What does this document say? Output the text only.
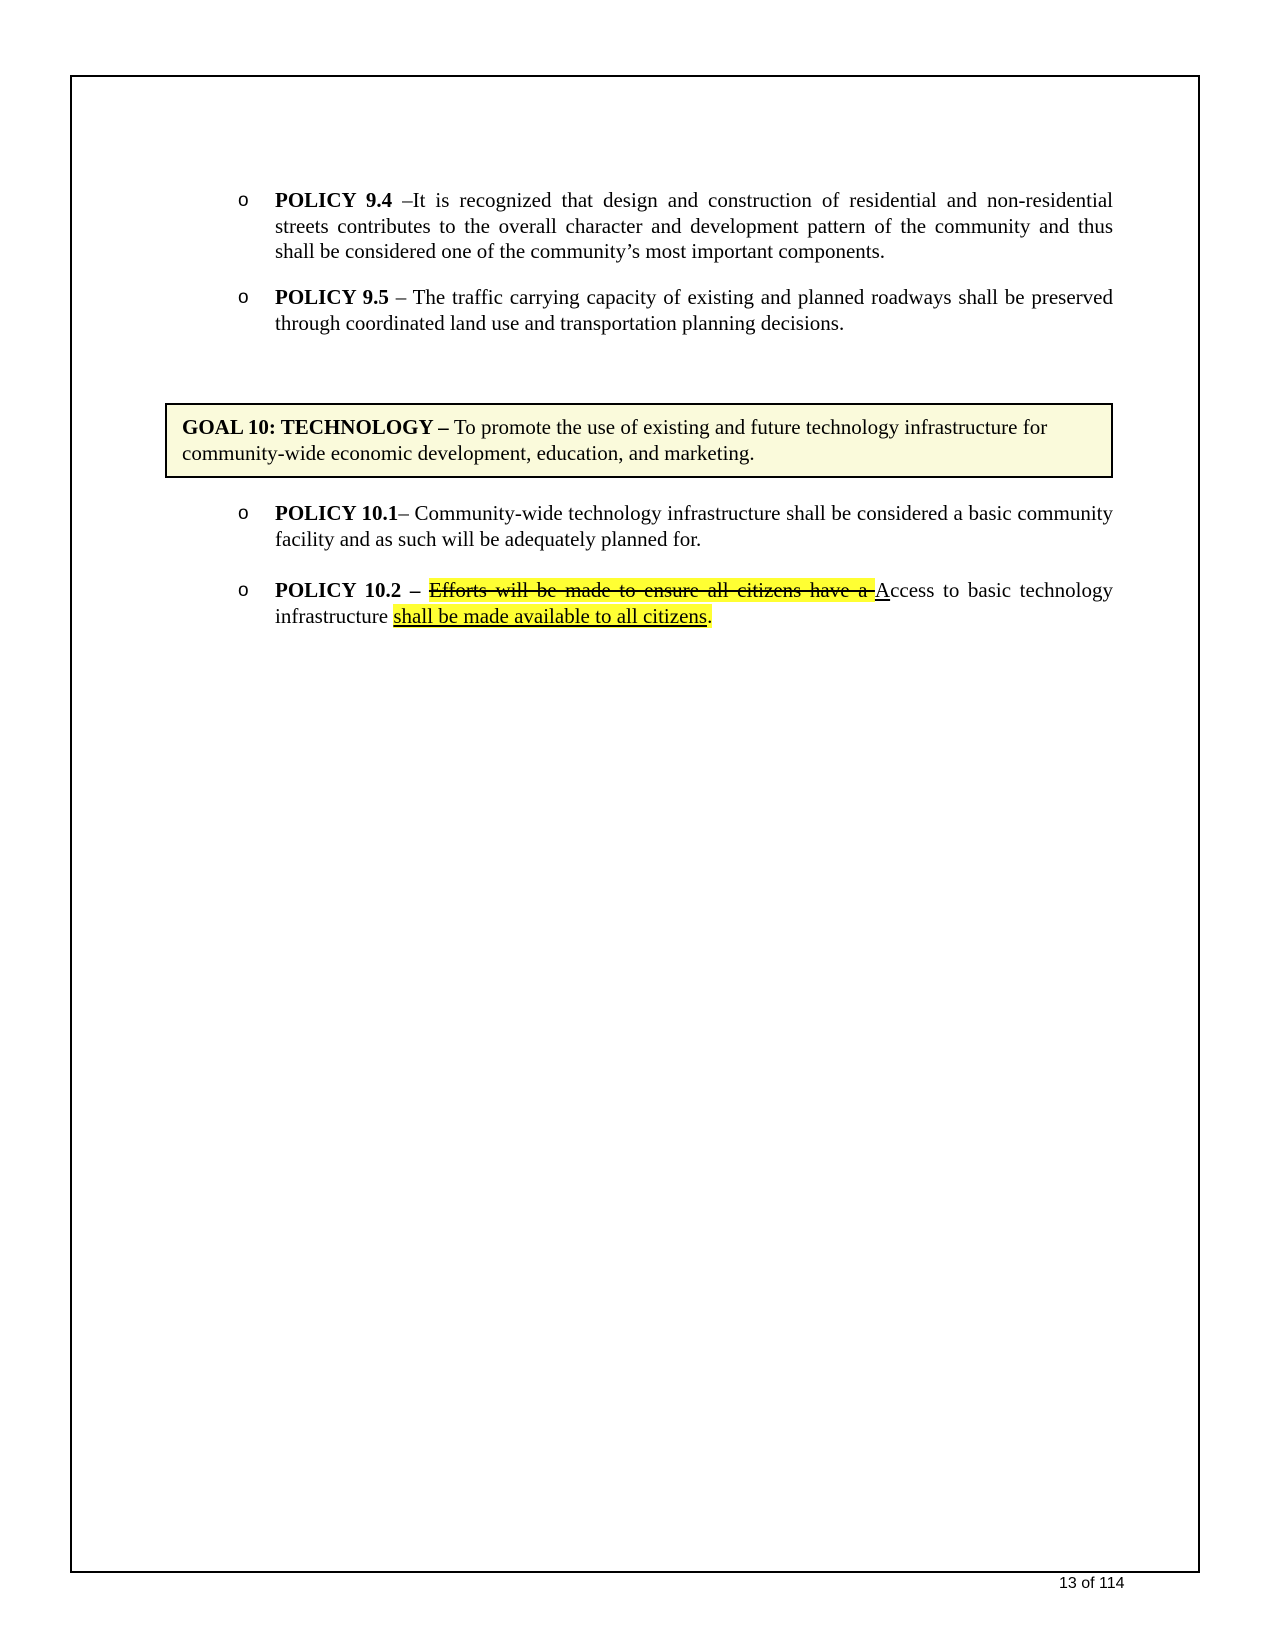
o POLICY 9.4 –It is recognized that design and construction of residential and non-residential streets contributes to the overall character and development pattern of the community and thus shall be considered one of the community’s most important components.
o POLICY 9.5 – The traffic carrying capacity of existing and planned roadways shall be preserved through coordinated land use and transportation planning decisions.
GOAL 10: TECHNOLOGY – To promote the use of existing and future technology infrastructure for community-wide economic development, education, and marketing.
o POLICY 10.1– Community-wide technology infrastructure shall be considered a basic community facility and as such will be adequately planned for.
o POLICY 10.2 – Efforts will be made to ensure all citizens have a Access to basic technology infrastructure shall be made available to all citizens.
13 of 114
